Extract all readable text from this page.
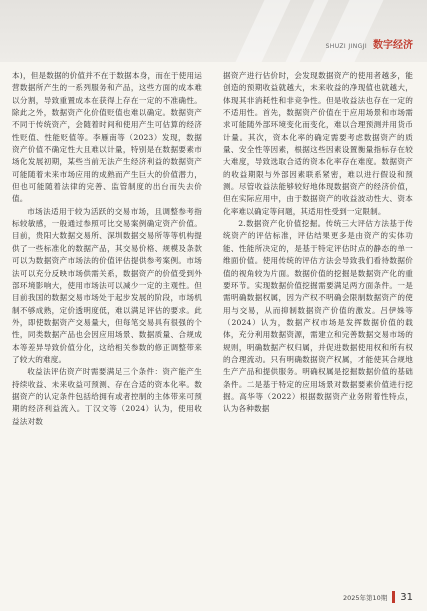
SHUZI JINGJI 数字经济

本)，但是数据的价值并不在于数据本身，而在于使用运营数据所产生的一系列服务和产品，这些方面的成本难以分割，导致重置成本在获得上存在一定的不准确性。除此之外，数据资产化价值贬值也难以确定。数据资产不同于传统资产，会随着时间和使用产生可估算的经济性贬值、性能贬值等。李雁南等（2023）发现，数据资产价值不确定性大且难以计量，特别是在数据要素市场化发展初期，某些当前无法产生经济利益的数据资产可能随着未来市场应用的成熟而产生巨大的价值潜力，但也可能随着法律的完善、监管制度的出台而失去价值。

市场法适用于较为活跃的交易市场，且调整参考指标较敏感，一般通过参照可比交易案例确定资产价值。目前，贵阳大数据交易所、深圳数据交易所等等机构提供了一些标准化的数据产品，其交易价格、规模及条款可以为数据资产市场法的价值评估提供参考案例。市场法可以充分反映市场供需关系，数据资产的价值受到外部环境影响大，使用市场法可以减少一定的主观性。但目前我国的数据交易市场处于起步发展的阶段，市场机制不够成熟，定价透明度低，难以满足评估的要求。此外，即使数据资产交易量大，但每笔交易具有很强的个性，同类数据产品也会因应用场景、数据质量、合规成本等差异导致价值分化，这给相关参数的修正调整带来了较大的难度。

收益法评估资产时需要满足三个条件：资产能产生持续收益、未来收益可预测、存在合适的资本化率。数据资产的认定条件包括给拥有或者控制的主体带来可预期的经济利益流入。丁汉文等（2024）认为，使用收益法对数

据资产进行估价时，会发现数据资产的使用者越多，能创造的预期收益就越大，未来收益的净现值也就越大，体现其非消耗性和非竞争性。但是收益法也存在一定的不适用性。首先，数据资产价值在于应用场景和市场需求可能随外部环境变化而变化，难以合理预测并用货币计量。其次，资本化率的确定需要考虑数据资产的质量、安全性等因素，根据这些因素设置衡量指标存在较大难度，导致选取合适的资本化率存在难度。数据资产的收益期限与外部因素联系紧密，难以进行假设和预测。尽管收益法能够较好地体现数据资产的经济价值，但在实际应用中，由于数据资产的收益波动性大、资本化率难以确定等问题，其适用性受到一定限制。

2.数据资产化价值挖掘。传统三大评估方法基于传统资产的评估标准，评估结果更多是由资产的实体功能、性能所决定的，是基于特定评估时点的静态的单一维面价值。使用传统的评估方法会导致我们看待数据价值的视角较为片面。数据价值的挖掘是数据资产化的重要环节。实现数据价值挖掘需要满足两方面条件。一是需明确数据权属，因为产权不明确会限制数据资产的使用与交易，从而抑制数据资产价值的激发。吕伊姝等（2024）认为，数据产权市场是发挥数据价值的载体，充分利用数据资源，需建立和完善数据交易市场的规则，明确数据产权归属，并促进数据使用权和所有权的合理流动。只有明确数据资产权属，才能使其合规地生产产品和提供服务。明确权属是挖掘数据价值的基础条件。二是基于特定的应用场景对数据要素价值进行挖掘。高华等（2022）根据数据资产业务附着性特点，认为各种数据

2025年第10期 31
